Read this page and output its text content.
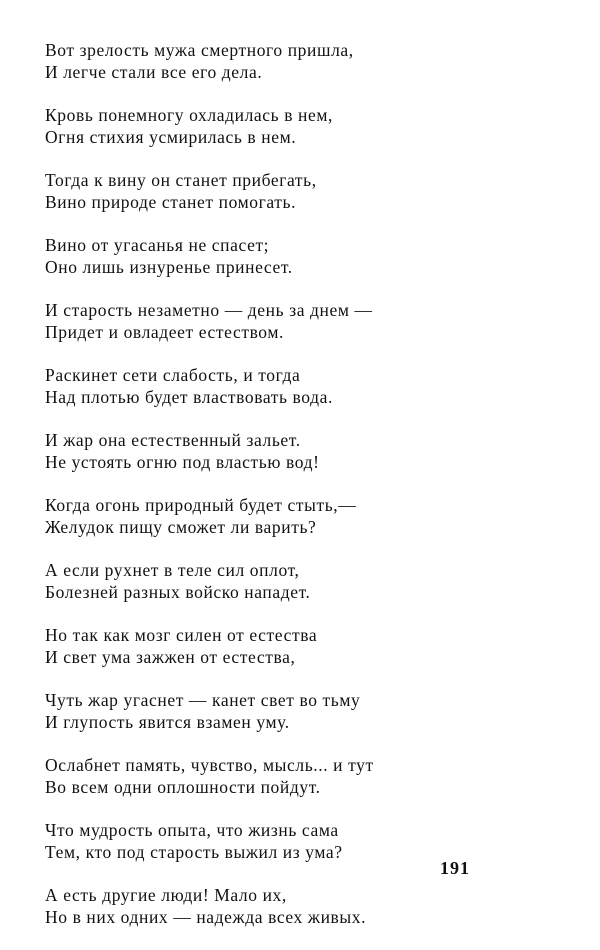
Вот зрелость мужа смертного пришла,
И легче стали все его дела.
Кровь понемногу охладилась в нем,
Огня стихия усмирилась в нем.
Тогда к вину он станет прибегать,
Вино природе станет помогать.
Вино от угасанья не спасет;
Оно лишь изнуренье принесет.
И старость незаметно — день за днем —
Придет и овладеет естеством.
Раскинет сети слабость, и тогда
Над плотью будет властвовать вода.
И жар она естественный зальет.
Не устоять огню под властью вод!
Когда огонь природный будет стыть,—
Желудок пищу сможет ли варить?
А если рухнет в теле сил оплот,
Болезней разных войско нападет.
Но так как мозг силен от естества
И свет ума зажжен от естества,
Чуть жар угаснет — канет свет во тьму
И глупость явится взамен уму.
Ослабнет память, чувство, мысль... и тут
Во всем одни оплошности пойдут.
Что мудрость опыта, что жизнь сама
Тем, кто под старость выжил из ума?
А есть другие люди! Мало их,
Но в них одних — надежда всех живых.
191
